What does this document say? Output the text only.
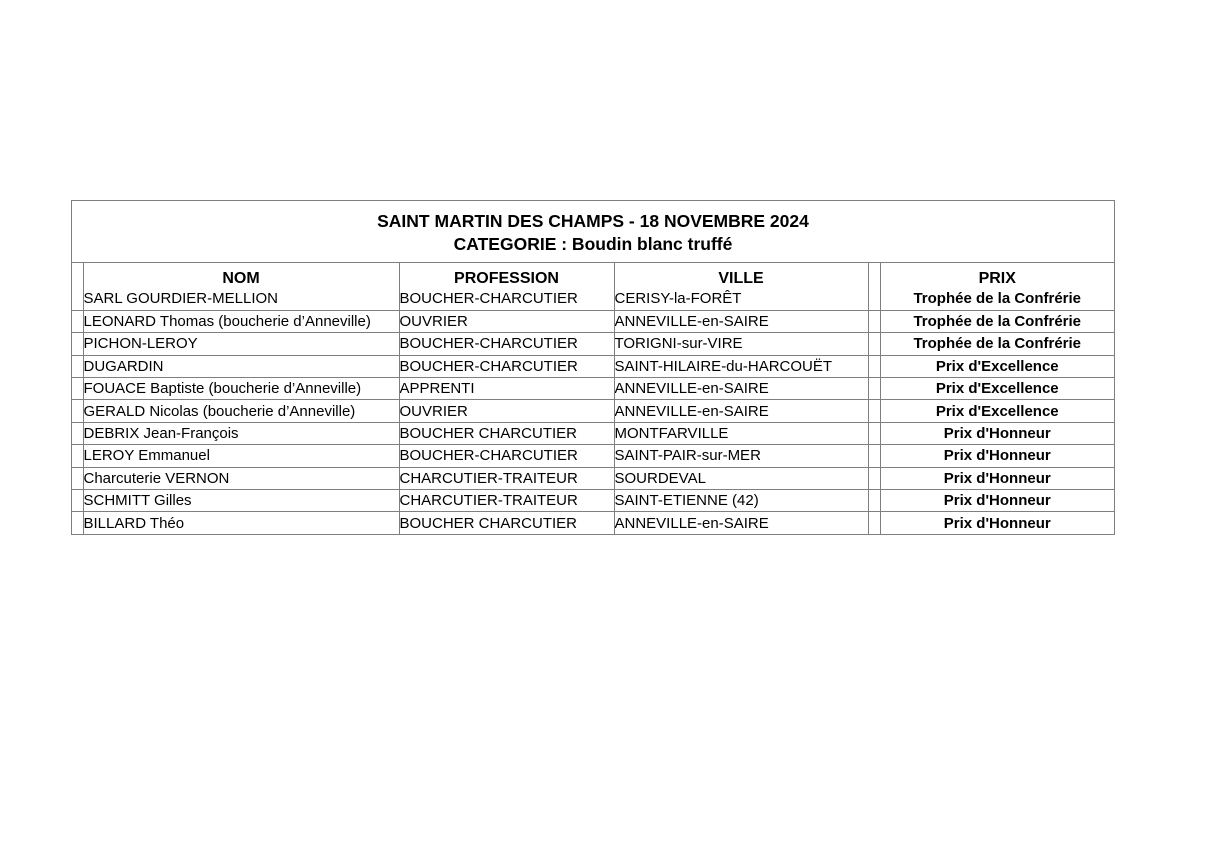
SAINT MARTIN DES CHAMPS - 18 NOVEMBRE 2024
CATEGORIE : Boudin blanc truffé
	NOM	PROFESSION	VILLE		PRIX
	SARL GOURDIER-MELLION	BOUCHER-CHARCUTIER	CERISY-la-FORÊT		Trophée de la Confrérie
	LEONARD Thomas (boucherie d’Anneville)	OUVRIER	ANNEVILLE-en-SAIRE		Trophée de la Confrérie
	PICHON-LEROY	BOUCHER-CHARCUTIER	TORIGNI-sur-VIRE		Trophée de la Confrérie
	DUGARDIN	BOUCHER-CHARCUTIER	SAINT-HILAIRE-du-HARCOUËT		Prix d'Excellence
	FOUACE Baptiste (boucherie d’Anneville)	APPRENTI	ANNEVILLE-en-SAIRE		Prix d'Excellence
	GERALD Nicolas (boucherie d’Anneville)	OUVRIER	ANNEVILLE-en-SAIRE		Prix d'Excellence
	DEBRIX Jean-François	BOUCHER CHARCUTIER	MONTFARVILLE		Prix d'Honneur
	LEROY Emmanuel	BOUCHER-CHARCUTIER	SAINT-PAIR-sur-MER		Prix d'Honneur
	Charcuterie VERNON	CHARCUTIER-TRAITEUR	SOURDEVAL		Prix d'Honneur
	SCHMITT Gilles	CHARCUTIER-TRAITEUR	SAINT-ETIENNE (42)		Prix d'Honneur
	BILLARD Théo	BOUCHER CHARCUTIER	ANNEVILLE-en-SAIRE		Prix d'Honneur
